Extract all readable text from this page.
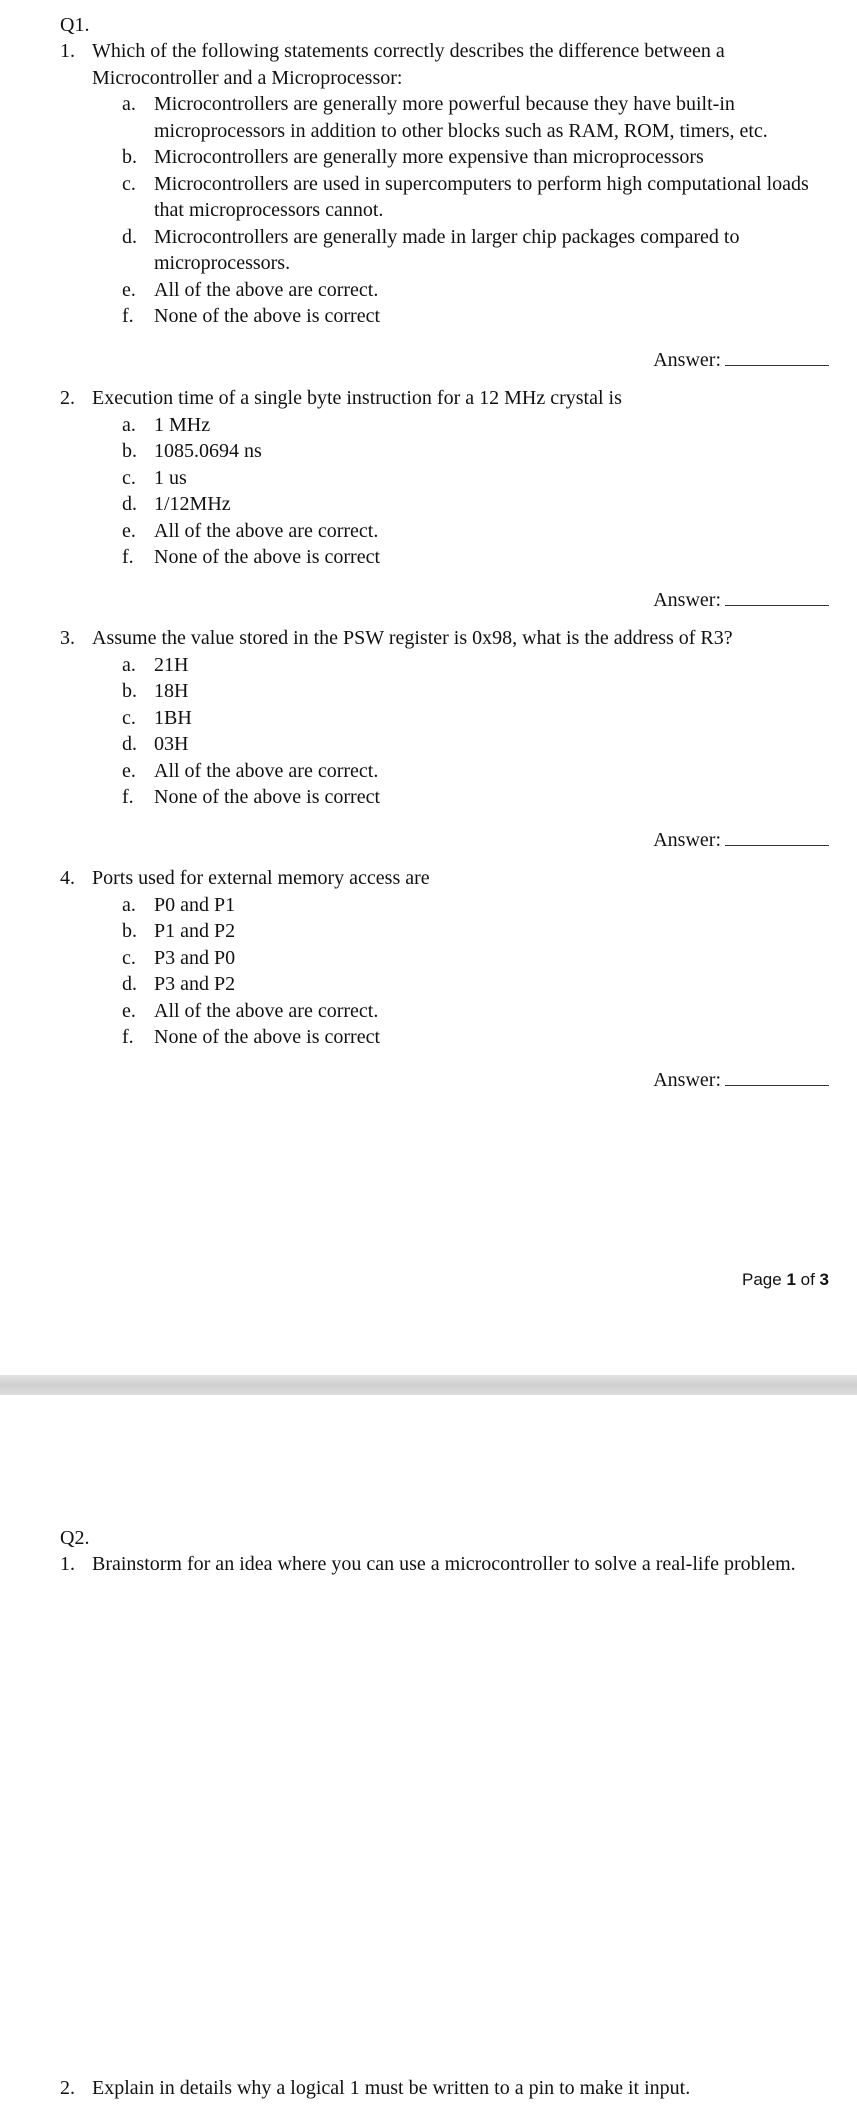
Q1.
1. Which of the following statements correctly describes the difference between a Microcontroller and a Microprocessor:
a. Microcontrollers are generally more powerful because they have built-in microprocessors in addition to other blocks such as RAM, ROM, timers, etc.
b. Microcontrollers are generally more expensive than microprocessors
c. Microcontrollers are used in supercomputers to perform high computational loads that microprocessors cannot.
d. Microcontrollers are generally made in larger chip packages compared to microprocessors.
e. All of the above are correct.
f. None of the above is correct
Answer:
2. Execution time of a single byte instruction for a 12 MHz crystal is
a. 1 MHz
b. 1085.0694 ns
c. 1 us
d. 1/12MHz
e. All of the above are correct.
f. None of the above is correct
Answer:
3. Assume the value stored in the PSW register is 0x98, what is the address of R3?
a. 21H
b. 18H
c. 1BH
d. 03H
e. All of the above are correct.
f. None of the above is correct
Answer:
4. Ports used for external memory access are
a. P0 and P1
b. P1 and P2
c. P3 and P0
d. P3 and P2
e. All of the above are correct.
f. None of the above is correct
Answer:
Page 1 of 3
Q2.
1. Brainstorm for an idea where you can use a microcontroller to solve a real-life problem.
2. Explain in details why a logical 1 must be written to a pin to make it input.
